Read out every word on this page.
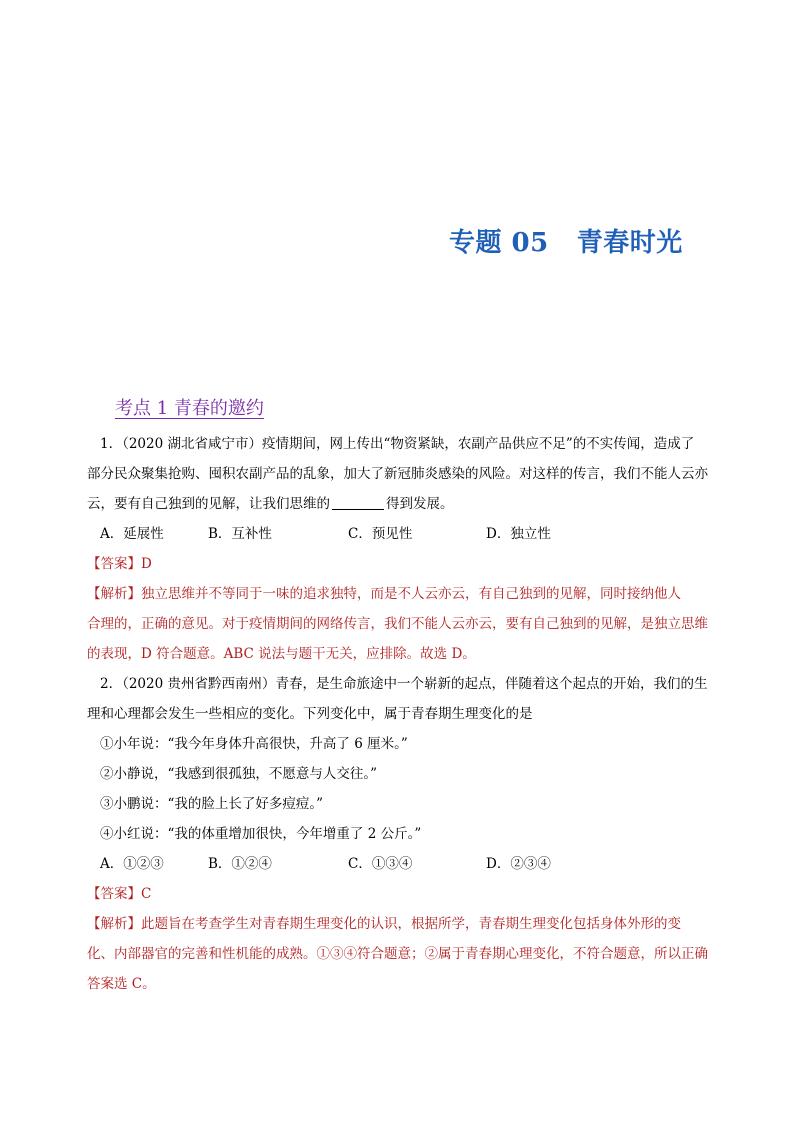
专题 05 青春时光
考点 1 青春的邀约

1．（2020 湖北省咸宁市）疫情期间，网上传出“物资紧缺，农副产品供应不足”的不实传闻，造成了

部分民众聚集抢购、囤积农副产品的乱象，加大了新冠肺炎感染的风险。对这样的传言，我们不能人云亦

云，要有自己独到的见解，让我们思维的	得到发展。

A．延展性	B．互补性	C．预见性	D．独立性

【答案】D

【解析】独立思维并不等同于一味的追求独特，而是不人云亦云，有自己独到的见解，同时接纳他人

合理的，正确的意见。对于疫情期间的网络传言，我们不能人云亦云，要有自己独到的见解，是独立思维

的表现，D 符合题意。ABC 说法与题干无关，应排除。故选 D。

2．（2020 贵州省黔西南州）青春，是生命旅途中一个崭新的起点，伴随着这个起点的开始，我们的生

理和心理都会发生一些相应的变化。下列变化中，属于青春期生理变化的是

①小年说：“我今年身体升高很快，升高了 6 厘米。”

②小静说，“我感到很孤独，不愿意与人交往。”

③小鹏说：“我的脸上长了好多痘痘。”

④小红说：“我的体重增加很快，今年增重了 2 公斤。”

A．①②③	B．①②④	C．①③④	D．②③④

【答案】C

【解析】此题旨在考查学生对青春期生理变化的认识，根据所学，青春期生理变化包括身体外形的变

化、内部器官的完善和性机能的成熟。①③④符合题意；②属于青春期心理变化，不符合题意，所以正确

答案选 C。
